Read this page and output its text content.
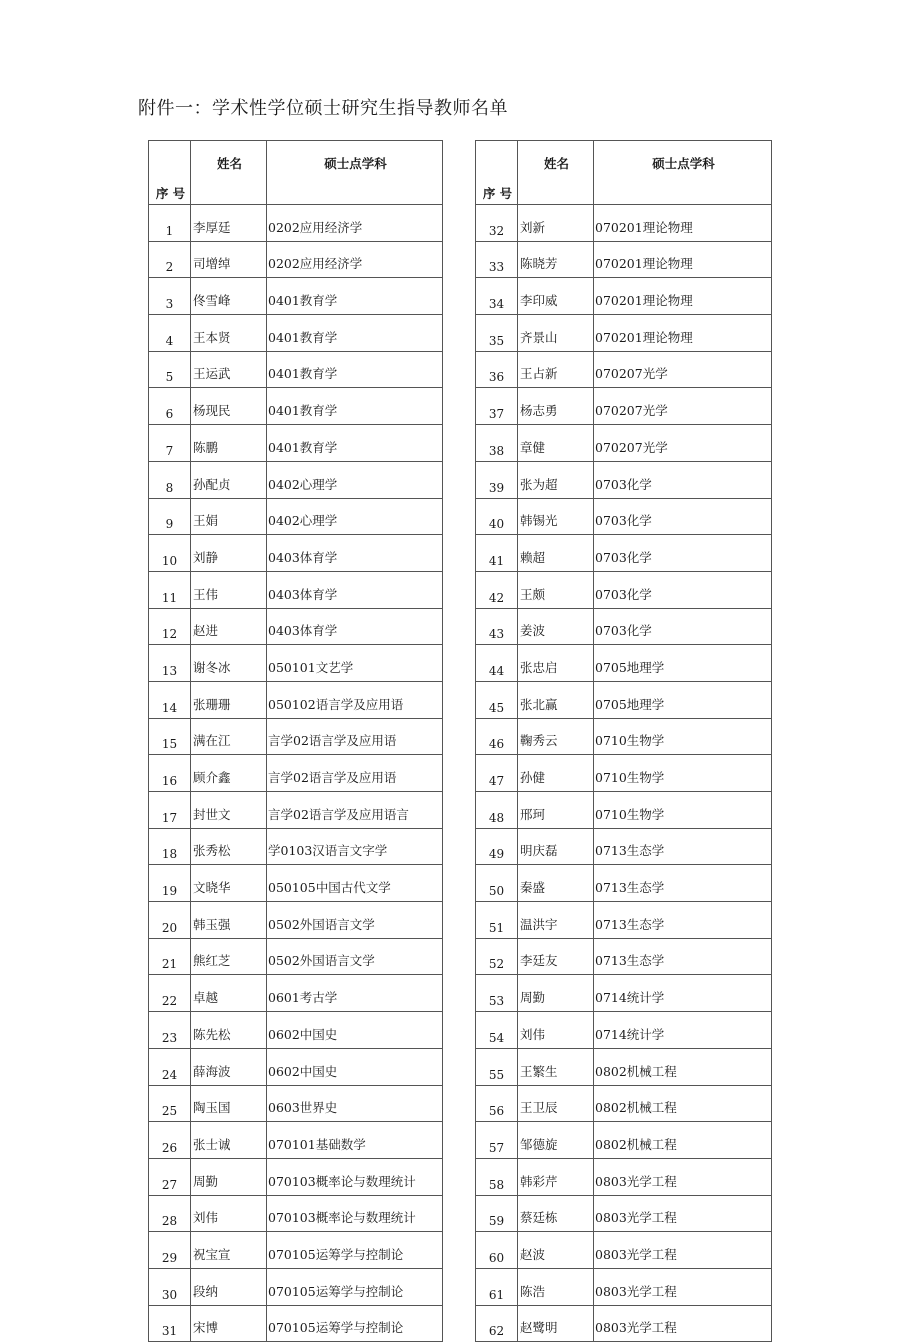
附件一：学术性学位硕士研究生指导教师名单
序 号	姓名	硕士点学科
1	李厚廷	0202应用经济学
2	司增绰	0202应用经济学
3	佟雪峰	0401教育学
4	王本贤	0401教育学
5	王运武	0401教育学
6	杨现民	0401教育学
7	陈鹏	0401教育学
8	孙配贞	0402心理学
9	王娟	0402心理学
10	刘静	0403体育学
11	王伟	0403体育学
12	赵进	0403体育学
13	谢冬冰	050101文艺学
14	张珊珊	050102语言学及应用语
15	满在江	言学02语言学及应用语
16	顾介鑫	言学02语言学及应用语
17	封世文	言学02语言学及应用语言
18	张秀松	学0103汉语言文字学
19	文晓华	050105中国古代文学
20	韩玉强	0502外国语言文学
21	熊红芝	0502外国语言文学
22	卓越	0601考古学
23	陈先松	0602中国史
24	薛海波	0602中国史
25	陶玉国	0603世界史
26	张士诚	070101基础数学
27	周勤	070103概率论与数理统计
28	刘伟	070103概率论与数理统计
29	祝宝宣	070105运筹学与控制论
30	段纳	070105运筹学与控制论
31	宋博	070105运筹学与控制论
序 号	姓名	硕士点学科
32	刘新	070201理论物理
33	陈晓芳	070201理论物理
34	李印威	070201理论物理
35	齐景山	070201理论物理
36	王占新	070207光学
37	杨志勇	070207光学
38	章健	070207光学
39	张为超	0703化学
40	韩锡光	0703化学
41	赖超	0703化学
42	王颇	0703化学
43	姜波	0703化学
44	张忠启	0705地理学
45	张北赢	0705地理学
46	鞠秀云	0710生物学
47	孙健	0710生物学
48	邢珂	0710生物学
49	明庆磊	0713生态学
50	秦盛	0713生态学
51	温洪宇	0713生态学
52	李廷友	0713生态学
53	周勤	0714统计学
54	刘伟	0714统计学
55	王繁生	0802机械工程
56	王卫辰	0802机械工程
57	邹德旋	0802机械工程
58	韩彩芹	0803光学工程
59	蔡廷栋	0803光学工程
60	赵波	0803光学工程
61	陈浩	0803光学工程
62	赵鹭明	0803光学工程
